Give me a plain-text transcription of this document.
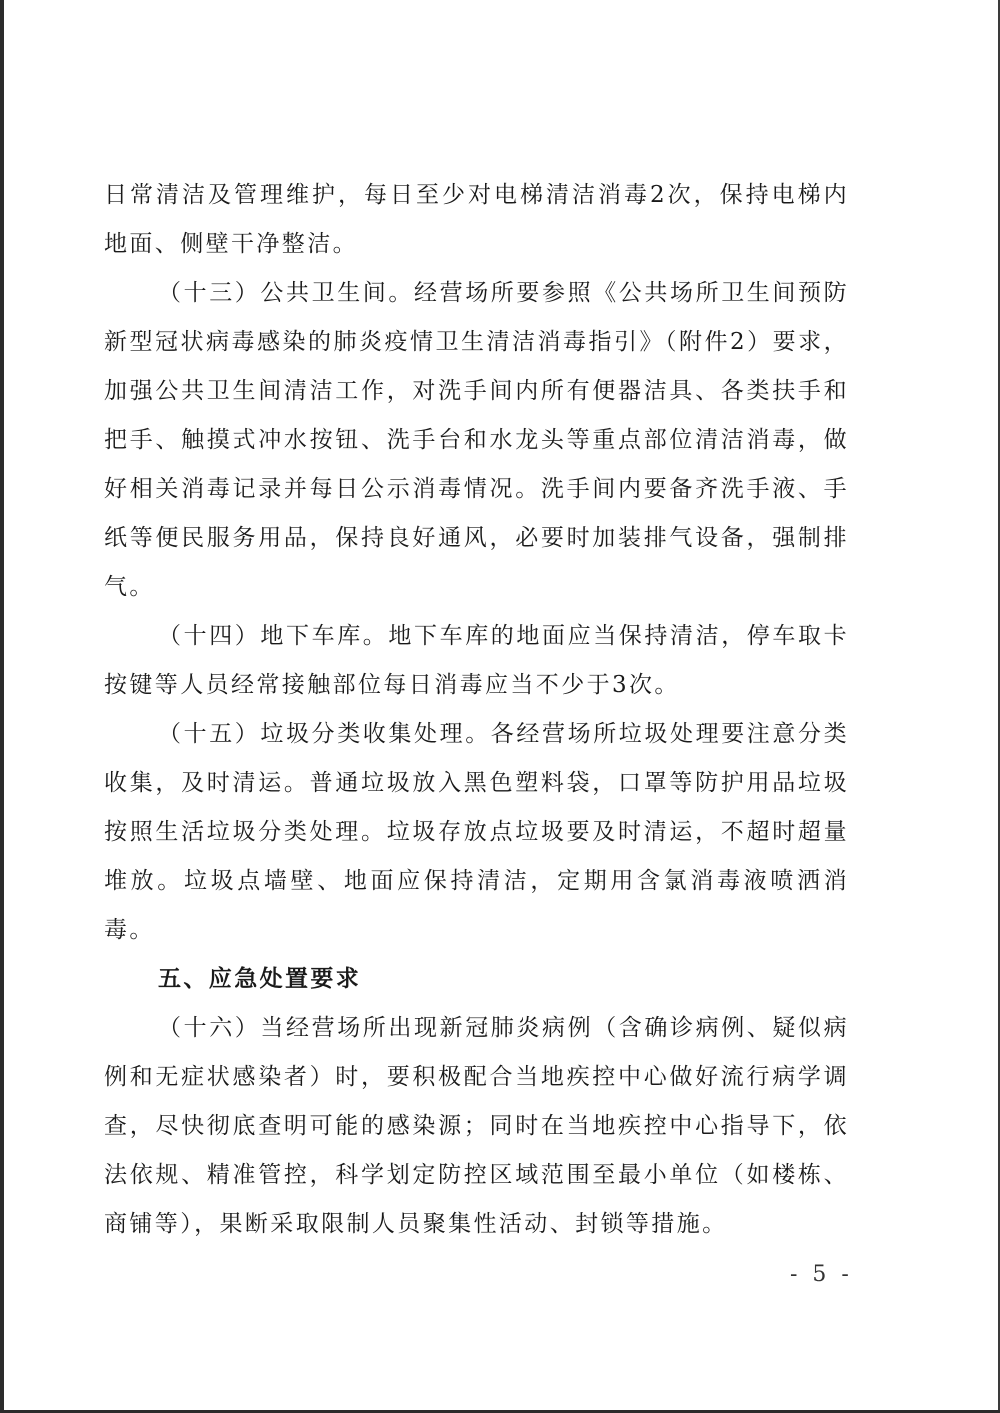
日常清洁及管理维护，每日至少对电梯清洁消毒2次，保持电梯内地面、侧壁干净整洁。

（十三）公共卫生间。经营场所要参照《公共场所卫生间预防新型冠状病毒感染的肺炎疫情卫生清洁消毒指引》（附件2）要求，加强公共卫生间清洁工作，对洗手间内所有便器洁具、各类扶手和把手、触摸式冲水按钮、洗手台和水龙头等重点部位清洁消毒，做好相关消毒记录并每日公示消毒情况。洗手间内要备齐洗手液、手纸等便民服务用品，保持良好通风，必要时加装排气设备，强制排气。

（十四）地下车库。地下车库的地面应当保持清洁，停车取卡按键等人员经常接触部位每日消毒应当不少于3次。

（十五）垃圾分类收集处理。各经营场所垃圾处理要注意分类收集，及时清运。普通垃圾放入黑色塑料袋，口罩等防护用品垃圾按照生活垃圾分类处理。垃圾存放点垃圾要及时清运，不超时超量堆放。垃圾点墙壁、地面应保持清洁，定期用含氯消毒液喷洒消毒。

五、应急处置要求

（十六）当经营场所出现新冠肺炎病例（含确诊病例、疑似病例和无症状感染者）时，要积极配合当地疾控中心做好流行病学调查，尽快彻底查明可能的感染源；同时在当地疾控中心指导下，依法依规、精准管控，科学划定防控区域范围至最小单位（如楼栋、商铺等），果断采取限制人员聚集性活动、封锁等措施。

- 5 -
